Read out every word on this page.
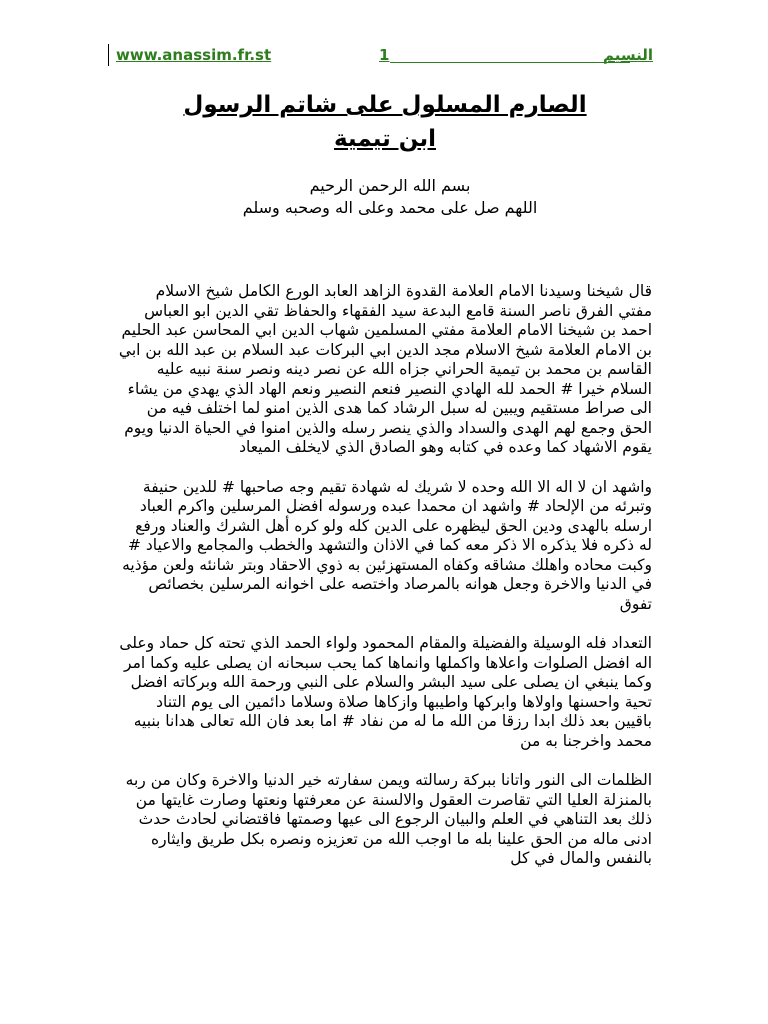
www.anassim.fr.st	1	النسيم
الصارم المسلول على شاتم الرسول
ابن تيمية
بسم الله الرحمن الرحيم
اللهم صل على محمد وعلى اله وصحبه وسلم

قال شيخنا وسيدنا الامام العلامة القدوة الزاهد العابد الورع الكامل شيخ الاسلام مفتي الفرق ناصر السنة قامع البدعة سيد الفقهاء والحفاظ تقي الدين ابو العباس احمد بن شيخنا الامام العلامة مفتي المسلمين شهاب الدين ابي المحاسن عبد الحليم بن الامام العلامة شيخ الاسلام مجد الدين ابي البركات عبد السلام بن عبد الله بن ابي القاسم بن محمد بن تيمية الحراني جزاه الله عن نصر دينه ونصر سنة نبيه عليه السلام خيرا # الحمد لله الهادي النصير فنعم النصير ونعم الهاد الذي يهدي من يشاء الى صراط مستقيم ويبين له سبل الرشاد كما هدى الذين امنو لما اختلف فيه من الحق وجمع لهم الهدى والسداد والذي ينصر رسله والذين امنوا في الحياة الدنيا ويوم يقوم الاشهاد كما وعده في كتابه وهو الصادق الذي لايخلف الميعاد

واشهد ان لا اله الا الله وحده لا شريك له شهادة تقيم وجه صاحبها # للدين حنيفة وتبرئه من الإلحاد # واشهد ان محمدا عبده ورسوله افضل المرسلين واكرم العباد ارسله بالهدى ودين الحق ليظهره على الدين كله ولو كره أهل الشرك والعناد ورفع له ذكره فلا يذكره الا ذكر معه كما في الاذان والتشهد والخطب والمجامع والاعياد # وكبت محاده واهلك مشاقه وكفاه المستهزئين به ذوي الاحقاد وبتر شانئه ولعن مؤذيه في الدنيا والاخرة وجعل هوانه بالمرصاد واختصه على اخوانه المرسلين بخصائص تفوق

التعداد فله الوسيلة والفضيلة والمقام المحمود ولواء الحمد الذي تحته كل حماد وعلى اله افضل الصلوات واعلاها واكملها وانماها كما يحب سبحانه ان يصلى عليه وكما امر وكما ينبغي ان يصلى على سيد البشر والسلام على النبي ورحمة الله وبركاته افضل تحية واحسنها واولاها وابركها واطيبها وازكاها صلاة وسلاما دائمين الى يوم التناد باقيين بعد ذلك ابدا رزقا من الله ما له من نفاد # اما بعد فان الله تعالى هدانا بنبيه محمد واخرجنا به من

الظلمات الى النور واتانا ببركة رسالته ويمن سفارته خير الدنيا والاخرة وكان من ربه بالمنزلة العليا التي تقاصرت العقول والالسنة عن معرفتها ونعتها وصارت غايتها من ذلك بعد التناهي في العلم والبيان الرجوع الى عيها وصمتها فاقتضاني لحادث حدث ادنى ماله من الحق علينا بله ما اوجب الله من تعزيزه ونصره بكل طريق وايثاره بالنفس والمال في كل
